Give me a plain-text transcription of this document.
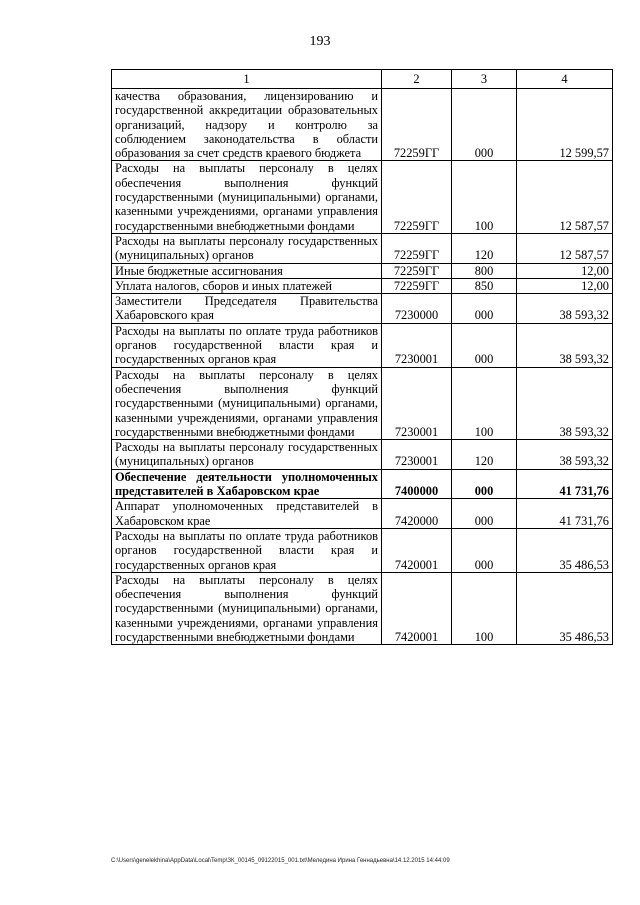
193
1	2	3	4
качества образования, лицензированию и государственной аккредитации образовательных организаций, надзору и контролю за соблюдением законодательства в области образования за счет средств краевого бюджета	72259ГГ	000	12 599,57
Расходы на выплаты персоналу в целях обеспечения выполнения функций государственными (муниципальными) органами, казенными учреждениями, органами управления государственными внебюджетными фондами	72259ГГ	100	12 587,57
Расходы на выплаты персоналу государственных (муниципальных) органов	72259ГГ	120	12 587,57
Иные бюджетные ассигнования	72259ГГ	800	12,00
Уплата налогов, сборов и иных платежей	72259ГГ	850	12,00
Заместители Председателя Правительства Хабаровского края	7230000	000	38 593,32
Расходы на выплаты по оплате труда работников органов государственной власти края и государственных органов края	7230001	000	38 593,32
Расходы на выплаты персоналу в целях обеспечения выполнения функций государственными (муниципальными) органами, казенными учреждениями, органами управления государственными внебюджетными фондами	7230001	100	38 593,32
Расходы на выплаты персоналу государственных (муниципальных) органов	7230001	120	38 593,32
Обеспечение деятельности уполномоченных представителей в Хабаровском крае	7400000	000	41 731,76
Аппарат уполномоченных представителей в Хабаровском крае	7420000	000	41 731,76
Расходы на выплаты по оплате труда работников органов государственной власти края и государственных органов края	7420001	000	35 486,53
Расходы на выплаты персоналу в целях обеспечения выполнения функций государственными (муниципальными) органами, казенными учреждениями, органами управления государственными внебюджетными фондами	7420001	100	35 486,53
C:\Users\genelekhina\AppData\Local\Temp\ЗК_00145_09122015_001.txt\Меледина Ирина Геннадьевна\14.12.2015 14:44:09
